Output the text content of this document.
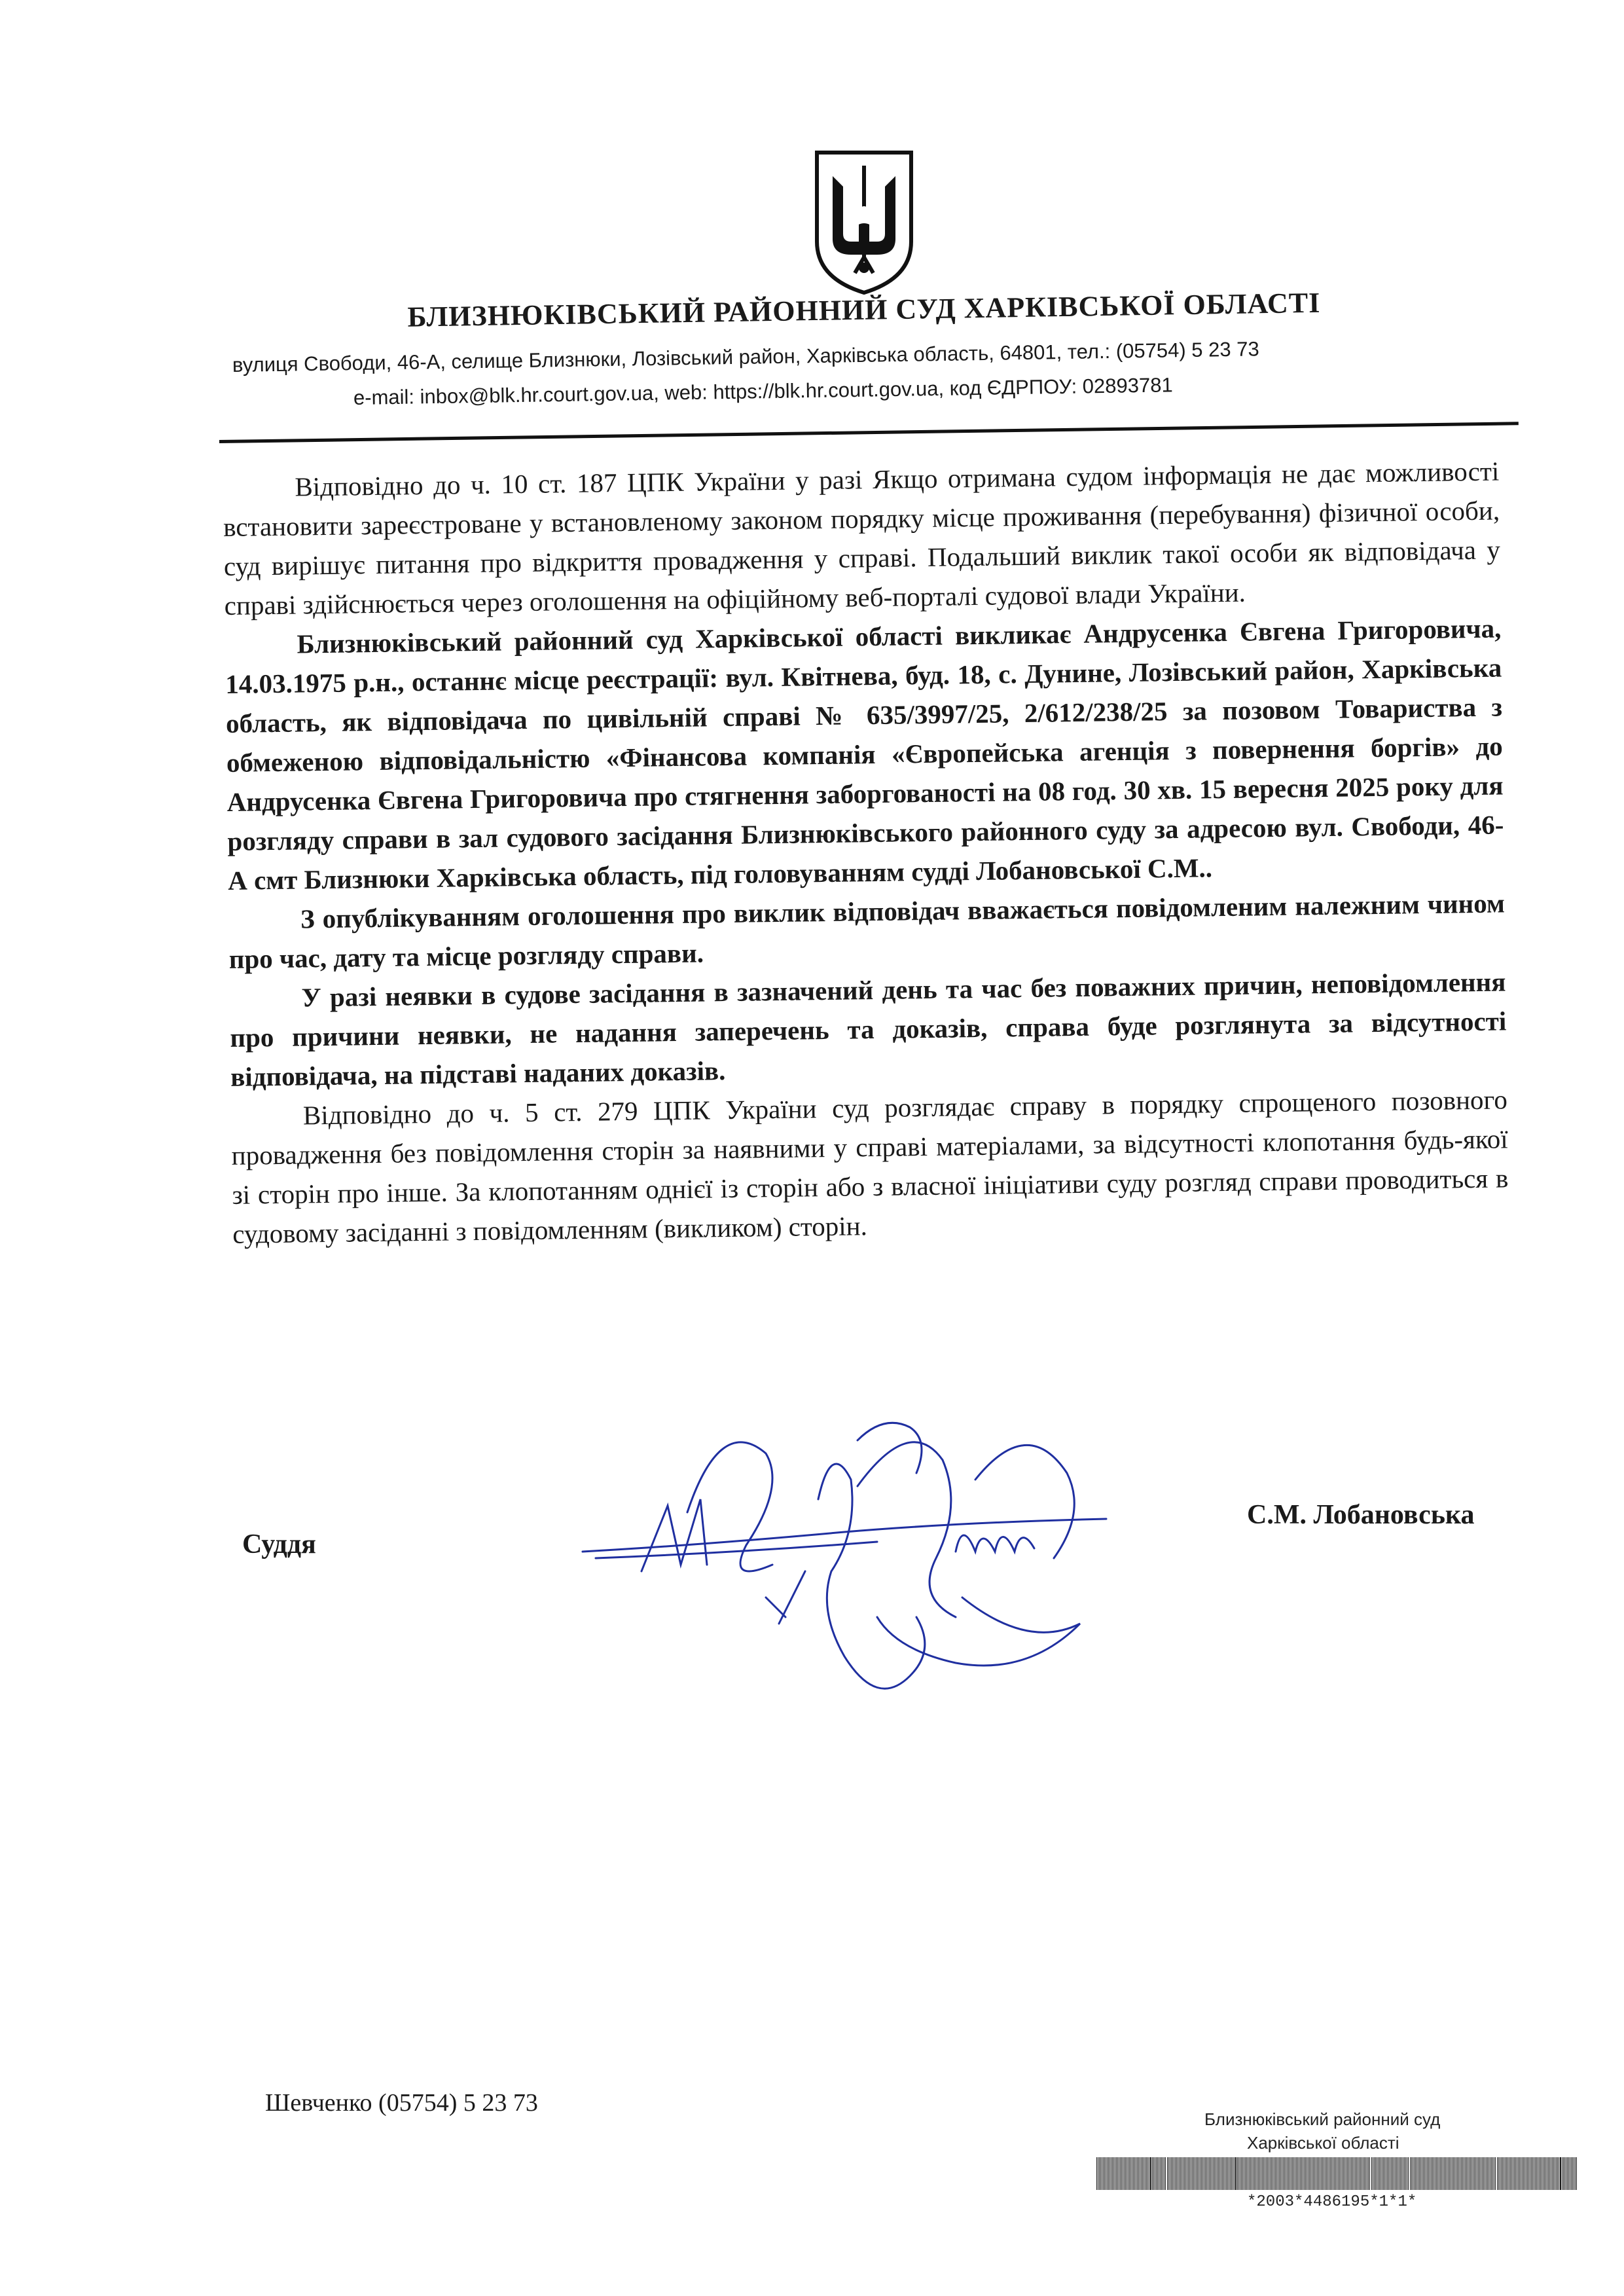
БЛИЗНЮКІВСЬКИЙ РАЙОННИЙ СУД ХАРКІВСЬКОЇ ОБЛАСТІ
вулиця Свободи, 46-А, селище Близнюки, Лозівський район, Харківська область, 64801, тел.: (05754) 5 23 73
e-mail: inbox@blk.hr.court.gov.ua, web: https://blk.hr.court.gov.ua, код ЄДРПОУ: 02893781

Відповідно до ч. 10 ст. 187 ЦПК України у разі Якщо отримана судом інформація не дає можливості встановити зареєстроване у встановленому законом порядку місце проживання (перебування) фізичної особи, суд вирішує питання про відкриття провадження у справі. Подальший виклик такої особи як відповідача у справі здійснюється через оголошення на офіційному веб-порталі судової влади України.

Близнюківський районний суд Харківської області викликає Андрусенка Євгена Григоровича, 14.03.1975 р.н., останнє місце реєстрації: вул. Квітнева, буд. 18, с. Дунине, Лозівський район, Харківська область, як відповідача по цивільній справі № 635/3997/25, 2/612/238/25 за позовом Товариства з обмеженою відповідальністю «Фінансова компанія «Європейська агенція з повернення боргів» до Андрусенка Євгена Григоровича про стягнення заборгованості на 08 год. 30 хв. 15 вересня 2025 року для розгляду справи в зал судового засідання Близнюківського районного суду за адресою вул. Свободи, 46-А смт Близнюки Харківська область, під головуванням судді Лобановської С.М..

З опублікуванням оголошення про виклик відповідач вважається повідомленим належним чином про час, дату та місце розгляду справи.

У разі неявки в судове засідання в зазначений день та час без поважних причин, неповідомлення про причини неявки, не надання заперечень та доказів, справа буде розглянута за відсутності відповідача, на підставі наданих доказів.

Відповідно до ч. 5 ст. 279 ЦПК України суд розглядає справу в порядку спрощеного позовного провадження без повідомлення сторін за наявними у справі матеріалами, за відсутності клопотання будь-якої зі сторін про інше. За клопотанням однієї із сторін або з власної ініціативи суду розгляд справи проводиться в судовому засіданні з повідомленням (викликом) сторін.

Суддя
С.М. Лобановська
Шевченко (05754) 5 23 73
Близнюківський районний суд
Харківської області
*2003*4486195*1*1*
